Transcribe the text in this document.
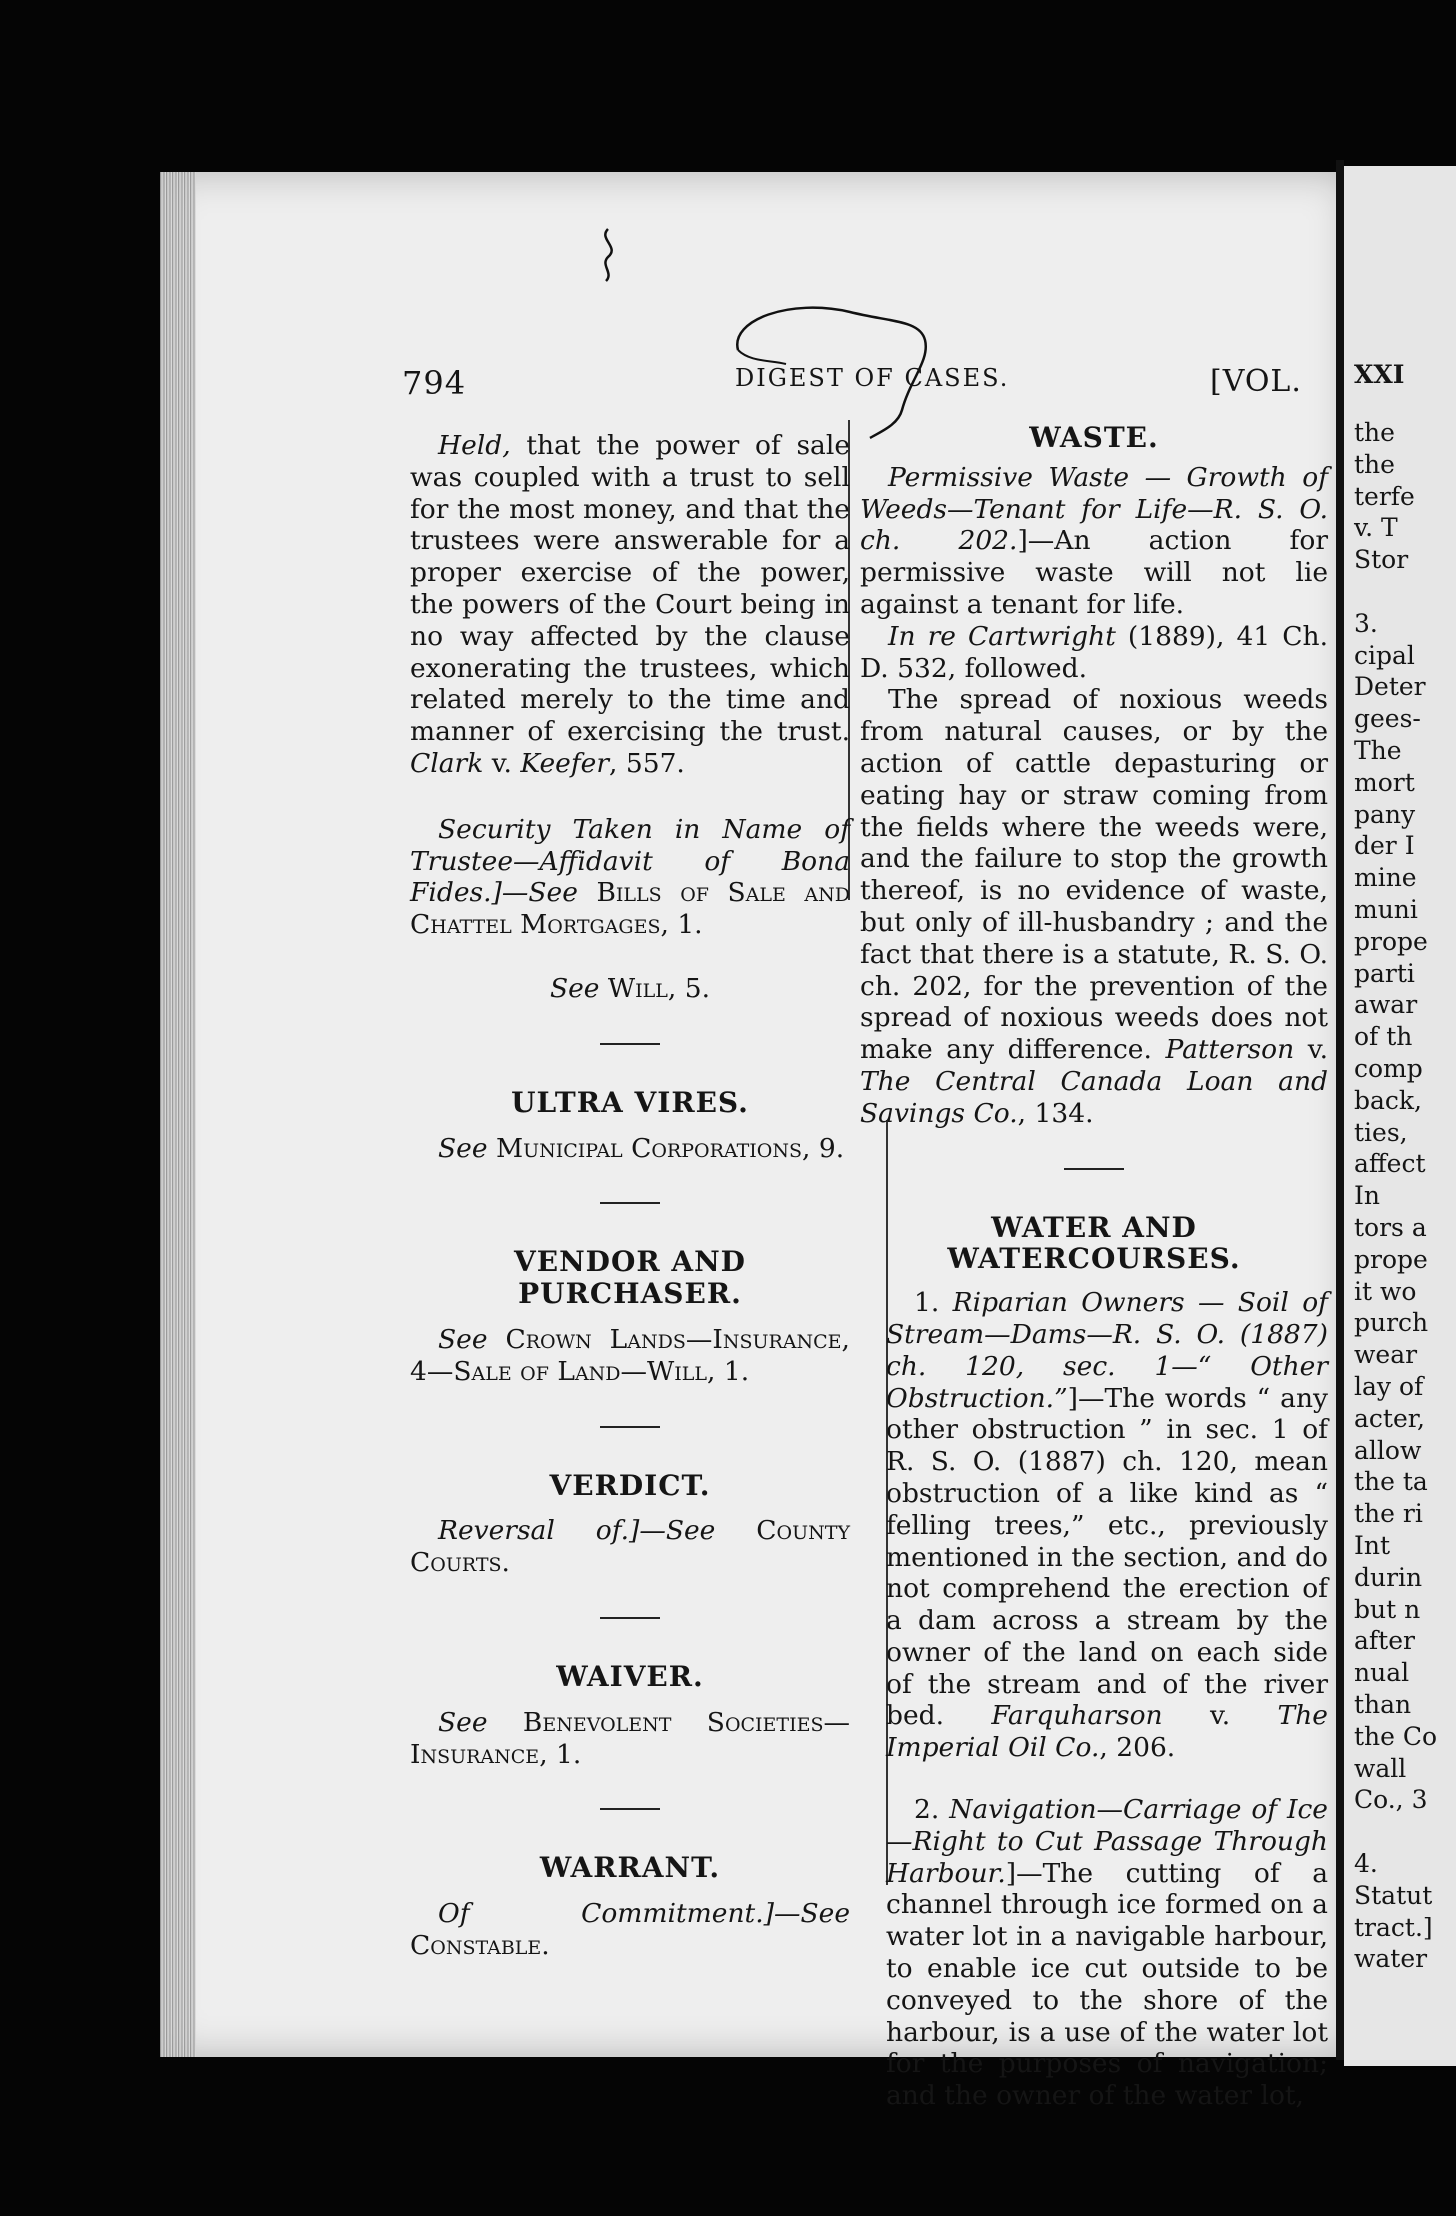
XXI
the
the
terfe
v. T
Stor
3.
cipal
Deter
gees-
The
mort
pany
der I
mine
muni
prope
parti
awar
of th
comp
back,
ties,
affect
In
tors a
prope
it wo
purch
wear
lay of
acter,
allow
the ta
the ri
Int
durin
but n
after
nual
than
the Co
wall
Co., 3
4.
Statut
tract.]
water
794	DIGEST OF CASES.	[VOL.

Held, that the power of sale was coupled with a trust to sell for the most money, and that the trustees were answerable for a proper exercise of the power, the powers of the Court being in no way affected by the clause exonerating the trustees, which related merely to the time and manner of exercising the trust. Clark v. Keefer, 557.

Security Taken in Name of Trustee—Affidavit of Bona Fides.]—See Bills of Sale and Chattel Mortgages, 1.

See Will, 5.

ULTRA VIRES.

See Municipal Corporations, 9.

VENDOR AND PURCHASER.

See Crown Lands—Insurance, 4—Sale of Land—Will, 1.

VERDICT.

Reversal of.]—See County Courts.

WAIVER.

See Benevolent Societies—Insurance, 1.

WARRANT.

Of Commitment.]—See Constable.

WASTE.

Permissive Waste — Growth of Weeds—Tenant for Life—R. S. O. ch. 202.]—An action for permissive waste will not lie against a tenant for life.

In re Cartwright (1889), 41 Ch. D. 532, followed.

The spread of noxious weeds from natural causes, or by the action of cattle depasturing or eating hay or straw coming from the fields where the weeds were, and the failure to stop the growth thereof, is no evidence of waste, but only of ill-husbandry ; and the fact that there is a statute, R. S. O. ch. 202, for the prevention of the spread of noxious weeds does not make any difference. Patterson v. The Central Canada Loan and Savings Co., 134.

WATER AND WATERCOURSES.

1. Riparian Owners — Soil of Stream—Dams—R. S. O. (1887) ch. 120, sec. 1—“ Other Obstruction.”]—The words “ any other obstruction ” in sec. 1 of R. S. O. (1887) ch. 120, mean obstruction of a like kind as “ felling trees,” etc., previously mentioned in the section, and do not comprehend the erection of a dam across a stream by the owner of the land on each side of the stream and of the river bed. Farquharson v. The Imperial Oil Co., 206.

2. Navigation—Carriage of Ice—Right to Cut Passage Through Harbour.]—The cutting of a channel through ice formed on a water lot in a navigable harbour, to enable ice cut outside to be conveyed to the shore of the harbour, is a use of the water lot for the purposes of navigation; and the owner of the water lot,
